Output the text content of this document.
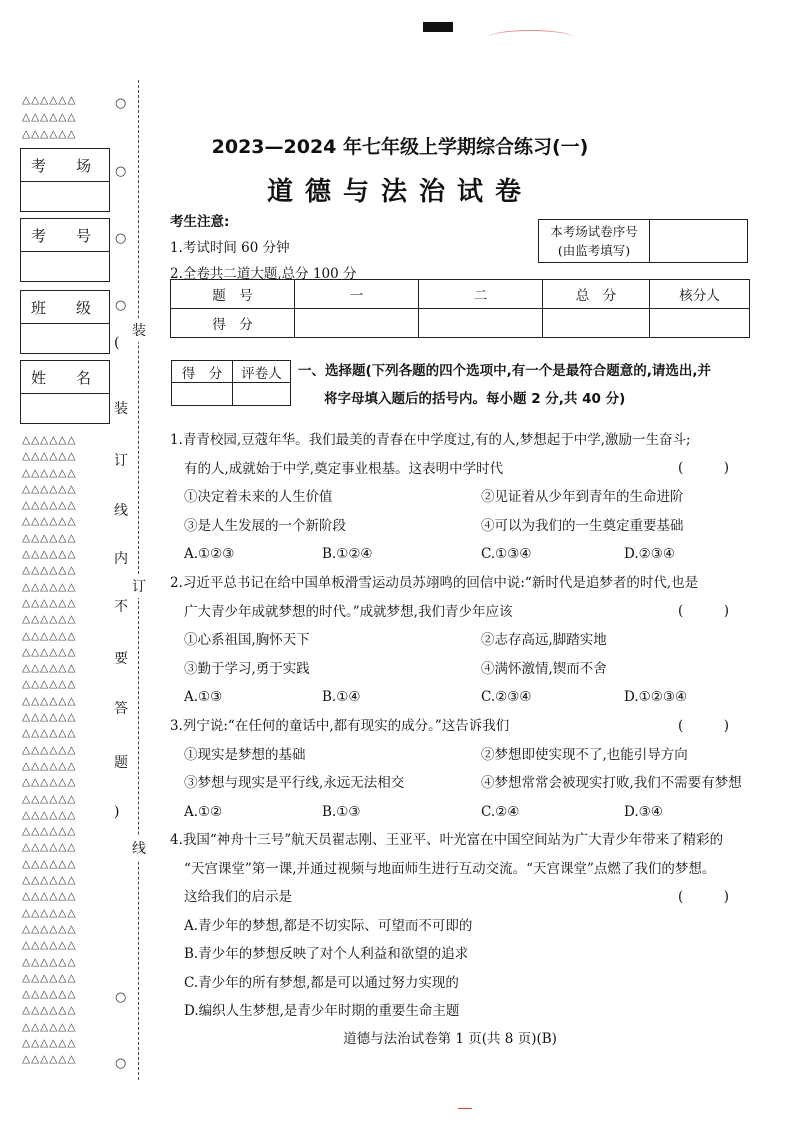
△△△△△△
△△△△△△
△△△△△△
考　　场
考　　号
班　　级
姓　　名
△△△△△△
△△△△△△
△△△△△△
△△△△△△
△△△△△△
△△△△△△
△△△△△△
△△△△△△
△△△△△△
△△△△△△
△△△△△△
△△△△△△
△△△△△△
△△△△△△
△△△△△△
△△△△△△
△△△△△△
△△△△△△
△△△△△△
△△△△△△
△△△△△△
△△△△△△
△△△△△△
△△△△△△
△△△△△△
△△△△△△
△△△△△△
△△△△△△
△△△△△△
△△△△△△
△△△△△△
△△△△△△
△△△△△△
△△△△△△
△△△△△△
△△△△△△
△△△△△△
△△△△△△
△△△△△△
○
○
○
○
○
○
(
装
订
线
内
不
要
答
题
)
装
订
线
2023—2024 年七年级上学期综合练习(一)
道德与法治试卷
考生注意:
1.考试时间 60 分钟
2.全卷共二道大题,总分 100 分
本考场试卷序号
(由监考填写)
题　号	一	二	总　分	核分人
得　分				
得　分	评卷人
	一、选择题(下列各题的四个选项中,有一个是最符合题意的,请选出,并
将字母填入题后的括号内。每小题 2 分,共 40 分)
1.青青校园,豆蔻年华。我们最美的青春在中学度过,有的人,梦想起于中学,激励一生奋斗;
有的人,成就始于中学,奠定事业根基。这表明中学时代	(　　　)
①决定着未来的人生价值	②见证着从少年到青年的生命进阶
③是人生发展的一个新阶段	④可以为我们的一生奠定重要基础
A.①②③	B.①②④	C.①③④	D.②③④
2.习近平总书记在给中国单板滑雪运动员苏翊鸣的回信中说:“新时代是追梦者的时代,也是
广大青少年成就梦想的时代。”成就梦想,我们青少年应该	(　　　)
①心系祖国,胸怀天下	②志存高远,脚踏实地
③勤于学习,勇于实践	④满怀激情,锲而不舍
A.①③	B.①④	C.②③④	D.①②③④
3.列宁说:“在任何的童话中,都有现实的成分。”这告诉我们	(　　　)
①现实是梦想的基础	②梦想即使实现不了,也能引导方向
③梦想与现实是平行线,永远无法相交	④梦想常常会被现实打败,我们不需要有梦想
A.①②	B.①③	C.②④	D.③④
4.我国“神舟十三号”航天员翟志刚、王亚平、叶光富在中国空间站为广大青少年带来了精彩的
“天宫课堂”第一课,并通过视频与地面师生进行互动交流。“天宫课堂”点燃了我们的梦想。
这给我们的启示是	(　　　)
A.青少年的梦想,都是不切实际、可望而不可即的
B.青少年的梦想反映了对个人利益和欲望的追求
C.青少年的所有梦想,都是可以通过努力实现的
D.编织人生梦想,是青少年时期的重要生命主题
道德与法治试卷第 1 页(共 8 页)(B)
